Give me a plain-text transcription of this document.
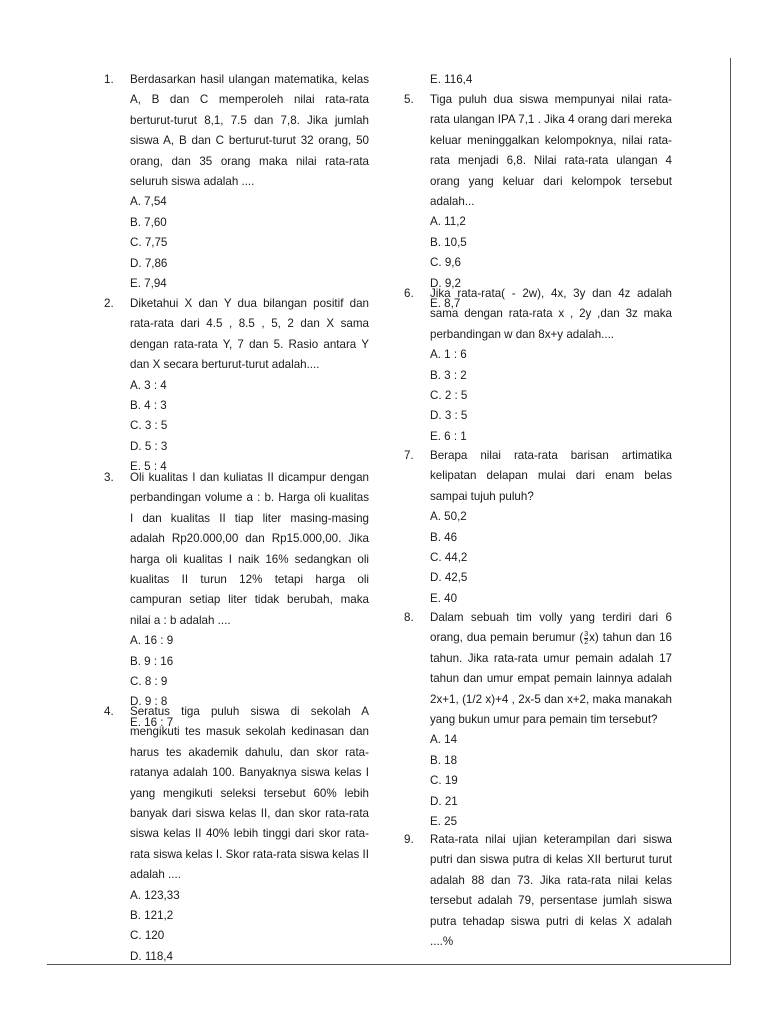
1. Berdasarkan hasil ulangan matematika, kelas A, B dan C memperoleh nilai rata-rata berturut-turut 8,1, 7.5 dan 7,8. Jika jumlah siswa A, B dan C berturut-turut 32 orang, 50 orang, dan 35 orang maka nilai rata-rata seluruh siswa adalah ....
A. 7,54
B. 7,60
C. 7,75
D. 7,86
E. 7,94
2. Diketahui X dan Y dua bilangan positif dan rata-rata dari 4.5 , 8.5 , 5, 2 dan X sama dengan rata-rata Y, 7 dan 5. Rasio antara Y dan X secara berturut-turut adalah....
A. 3 : 4
B. 4 : 3
C. 3 : 5
D. 5 : 3
E. 5 : 4
3. Oli kualitas I dan kuliatas II dicampur dengan perbandingan volume a : b. Harga oli kualitas I dan kualitas II tiap liter masing-masing adalah Rp20.000,00 dan Rp15.000,00. Jika harga oli kualitas I naik 16% sedangkan oli kualitas II turun 12% tetapi harga oli campuran setiap liter tidak berubah, maka nilai a : b adalah ....
A. 16 : 9
B. 9 : 16
C. 8 : 9
D. 9 : 8
E. 16 : 7
4. Seratus tiga puluh siswa di sekolah A mengikuti tes masuk sekolah kedinasan dan harus tes akademik dahulu, dan skor rata-ratanya adalah 100. Banyaknya siswa kelas I yang mengikuti seleksi tersebut 60% lebih banyak dari siswa kelas II, dan skor rata-rata siswa kelas II 40% lebih tinggi dari skor rata-rata siswa kelas I. Skor rata-rata siswa kelas II adalah ....
A. 123,33
B. 121,2
C. 120
D. 118,4
E. 116,4
5. Tiga puluh dua siswa mempunyai nilai rata-rata ulangan IPA 7,1 . Jika 4 orang dari mereka keluar meninggalkan kelompoknya, nilai rata-rata menjadi 6,8. Nilai rata-rata ulangan 4 orang yang keluar dari kelompok tersebut adalah...
A. 11,2
B. 10,5
C. 9,6
D. 9,2
E. 8,7
6. Jika rata-rata( - 2w), 4x, 3y dan 4z adalah sama dengan rata-rata x , 2y ,dan 3z maka perbandingan w dan 8x+y adalah....
A. 1 : 6
B. 3 : 2
C. 2 : 5
D. 3 : 5
E. 6 : 1
7. Berapa nilai rata-rata barisan artimatika kelipatan delapan mulai dari enam belas sampai tujuh puluh?
A. 50,2
B. 46
C. 44,2
D. 42,5
E. 40
8. Dalam sebuah tim volly yang terdiri dari 6 orang, dua pemain berumur ( $\frac{3}{2} x$) tahun dan 16 tahun. Jika rata-rata umur pemain adalah 17 tahun dan umur empat pemain lainnya adalah 2x+1, (1/2 x)+4 , 2x-5 dan x+2, maka manakah yang bukun umur para pemain tim tersebut?
A. 14
B. 18
C. 19
D. 21
E. 25
9. Rata-rata nilai ujian keterampilan dari siswa putri dan siswa putra di kelas XII berturut turut adalah 88 dan 73. Jika rata-rata nilai kelas tersebut adalah 79, persentase jumlah siswa putra tehadap siswa putri di kelas X adalah ....%
